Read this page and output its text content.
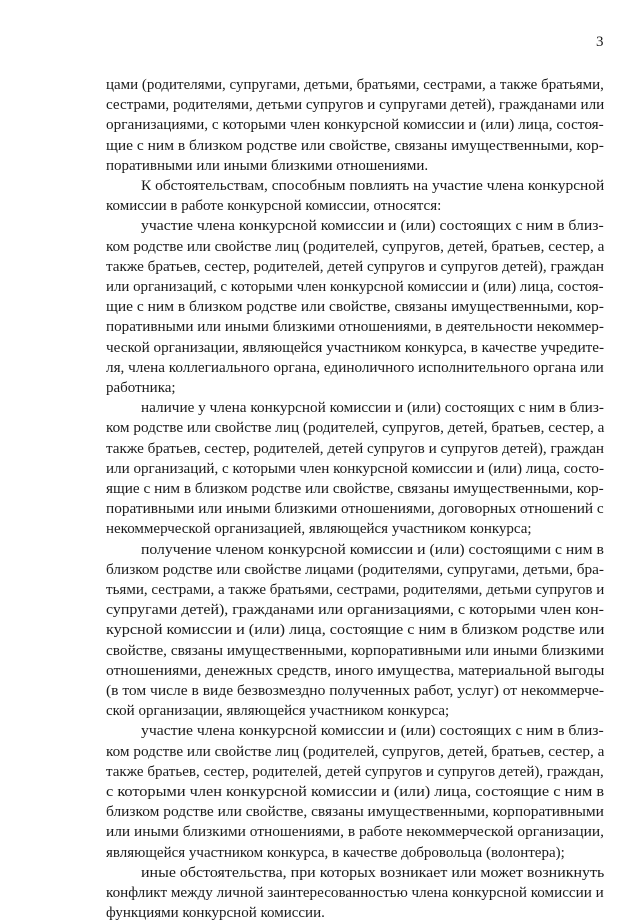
3
цами (родителями, супругами, детьми, братьями, сестрами, а также братьями,
сестрами, родителями, детьми супругов и супругами детей), гражданами или
организациями, с которыми член конкурсной комиссии и (или) лица, состоя-
щие с ним в близком родстве или свойстве, связаны имущественными, кор-
поративными или иными близкими отношениями.
К обстоятельствам, способным повлиять на участие члена конкурсной
комиссии в работе конкурсной комиссии, относятся:
участие члена конкурсной комиссии и (или) состоящих с ним в близ-
ком родстве или свойстве лиц (родителей, супругов, детей, братьев, сестер, а
также братьев, сестер, родителей, детей супругов и супругов детей), граждан
или организаций, с которыми член конкурсной комиссии и (или) лица, состоя-
щие с ним в близком родстве или свойстве, связаны имущественными, кор-
поративными или иными близкими отношениями, в деятельности некоммер-
ческой организации, являющейся участником конкурса, в качестве учредите-
ля, члена коллегиального органа, единоличного исполнительного органа или
работника;
наличие у члена конкурсной комиссии и (или) состоящих с ним в близ-
ком родстве или свойстве лиц (родителей, супругов, детей, братьев, сестер, а
также братьев, сестер, родителей, детей супругов и супругов детей), граждан
или организаций, с которыми член конкурсной комиссии и (или) лица, состо-
ящие с ним в близком родстве или свойстве, связаны имущественными, кор-
поративными или иными близкими отношениями, договорных отношений с
некоммерческой организацией, являющейся участником конкурса;
получение членом конкурсной комиссии и (или) состоящими с ним в
близком родстве или свойстве лицами (родителями, супругами, детьми, бра-
тьями, сестрами, а также братьями, сестрами, родителями, детьми супругов и
супругами детей), гражданами или организациями, с которыми член кон-
курсной комиссии и (или) лица, состоящие с ним в близком родстве или
свойстве, связаны имущественными, корпоративными или иными близкими
отношениями, денежных средств, иного имущества, материальной выгоды
(в том числе в виде безвозмездно полученных работ, услуг) от некоммерче-
ской организации, являющейся участником конкурса;
участие члена конкурсной комиссии и (или) состоящих с ним в близ-
ком родстве или свойстве лиц (родителей, супругов, детей, братьев, сестер, а
также братьев, сестер, родителей, детей супругов и супругов детей), граждан,
с которыми член конкурсной комиссии и (или) лица, состоящие с ним в
близком родстве или свойстве, связаны имущественными, корпоративными
или иными близкими отношениями, в работе некоммерческой организации,
являющейся участником конкурса, в качестве добровольца (волонтера);
иные обстоятельства, при которых возникает или может возникнуть
конфликт между личной заинтересованностью члена конкурсной комиссии и
функциями конкурсной комиссии.
